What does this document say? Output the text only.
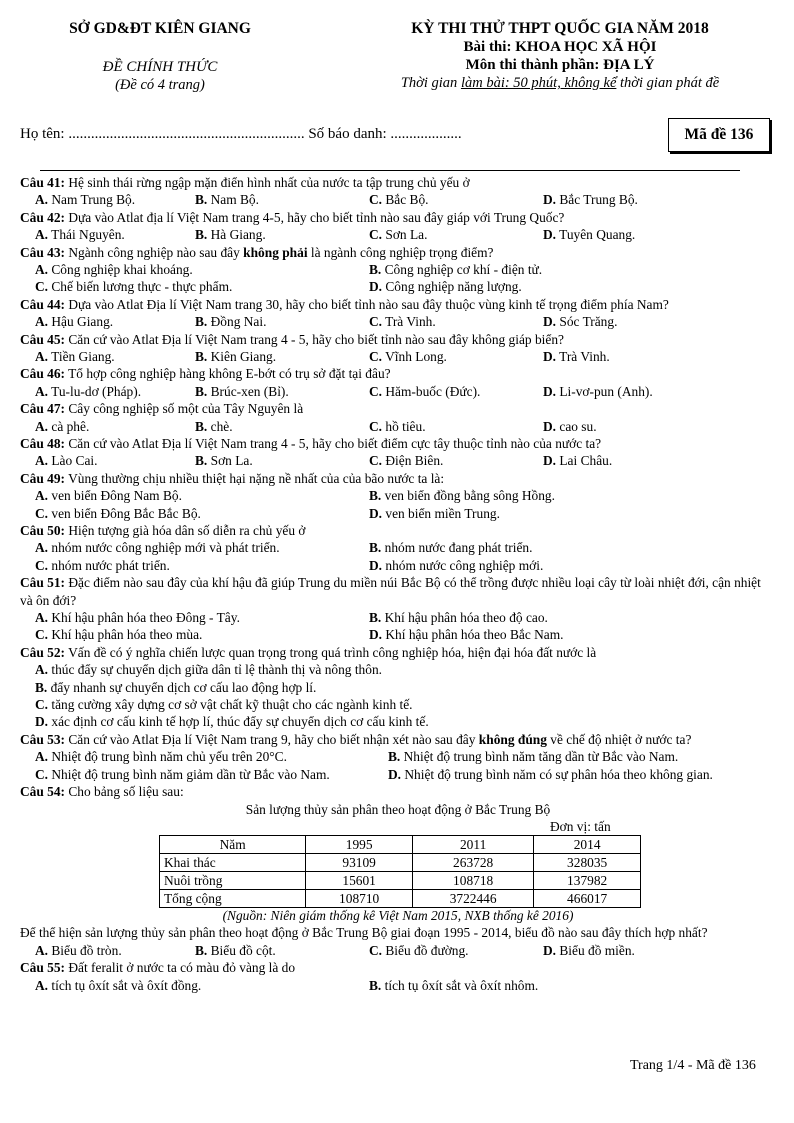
SỞ GD&ĐT KIÊN GIANG
ĐỀ CHÍNH THỨC
(Đề có 4 trang)
KỲ THI THỬ THPT QUỐC GIA NĂM 2018
Bài thi: KHOA HỌC XÃ HỘI
Môn thi thành phần: ĐỊA LÝ
Thời gian làm bài: 50 phút, không kể thời gian phát đề
Họ tên: ............................................................... Số báo danh: ...................	Mã đề 136
Câu 41: Hệ sinh thái rừng ngập mặn điển hình nhất của nước ta tập trung chủ yếu ở
A. Nam Trung Bộ.	B. Nam Bộ.	C. Bắc Bộ.	D. Bắc Trung Bộ.
Câu 42: Dựa vào Atlat địa lí Việt Nam trang 4-5, hãy cho biết tỉnh nào sau đây giáp với Trung Quốc?
A. Thái Nguyên.	B. Hà Giang.	C. Sơn La.	D. Tuyên Quang.
Câu 43: Ngành công nghiệp nào sau đây không phải là ngành công nghiệp trọng điểm?
A. Công nghiệp khai khoáng.	B. Công nghiệp cơ khí - điện tử.
C. Chế biến lương thực - thực phẩm.	D. Công nghiệp năng lượng.
Câu 44: Dựa vào Atlat Địa lí Việt Nam trang 30, hãy cho biết tỉnh nào sau đây thuộc vùng kinh tế trọng điểm phía Nam?
A. Hậu Giang.	B. Đồng Nai.	C. Trà Vinh.	D. Sóc Trăng.
Câu 45: Căn cứ vào Atlat Địa lí Việt Nam trang 4 - 5, hãy cho biết tỉnh nào sau đây không giáp biển?
A. Tiền Giang.	B. Kiên Giang.	C. Vĩnh Long.	D. Trà Vinh.
Câu 46: Tổ hợp công nghiệp hàng không E-bớt có trụ sở đặt tại đâu?
A. Tu-lu-dơ (Pháp).	B. Brúc-xen (Bỉ).	C. Hăm-buốc (Đức).	D. Li-vơ-pun (Anh).
Câu 47: Cây công nghiệp số một của Tây Nguyên là
A. cà phê.	B. chè.	C. hồ tiêu.	D. cao su.
Câu 48: Căn cứ vào Atlat Địa lí Việt Nam trang 4 - 5, hãy cho biết điểm cực tây thuộc tỉnh nào của nước ta?
A. Lào Cai.	B. Sơn La.	C. Điện Biên.	D. Lai Châu.
Câu 49: Vùng thường chịu nhiều thiệt hại nặng nề nhất của của bão nước ta là:
A. ven biển Đông Nam Bộ.	B. ven biển đồng bằng sông Hồng.
C. ven biển Đông Bắc Bắc Bộ.	D. ven biển miền Trung.
Câu 50: Hiện tượng già hóa dân số diễn ra chủ yếu ở
A. nhóm nước công nghiệp mới và phát triển.	B. nhóm nước đang phát triển.
C. nhóm nước phát triển.	D. nhóm nước công nghiệp mới.
Câu 51: Đặc điểm nào sau đây của khí hậu đã giúp Trung du miền núi Bắc Bộ có thể trồng được nhiều loại cây từ loài nhiệt đới, cận nhiệt và ôn đới?
A. Khí hậu phân hóa theo Đông - Tây.	B. Khí hậu phân hóa theo độ cao.
C. Khí hậu phân hóa theo mùa.	D. Khí hậu phân hóa theo Bắc Nam.
Câu 52: Vấn đề có ý nghĩa chiến lược quan trọng trong quá trình công nghiệp hóa, hiện đại hóa đất nước là
A. thúc đẩy sự chuyển dịch giữa dân tỉ lệ thành thị và nông thôn.
B. đẩy nhanh sự chuyển dịch cơ cấu lao động hợp lí.
C. tăng cường xây dựng cơ sở vật chất kỹ thuật cho các ngành kinh tế.
D. xác định cơ cấu kinh tế hợp lí, thúc đẩy sự chuyển dịch cơ cấu kinh tế.
Câu 53: Căn cứ vào Atlat Địa lí Việt Nam trang 9, hãy cho biết nhận xét nào sau đây không đúng về chế độ nhiệt ở nước ta?
A. Nhiệt độ trung bình năm chủ yếu trên 20°C.	B. Nhiệt độ trung bình năm tăng dần từ Bắc vào Nam.
C. Nhiệt độ trung bình năm giảm dần từ Bắc vào Nam.	D. Nhiệt độ trung bình năm có sự phân hóa theo không gian.
Câu 54: Cho bảng số liệu sau:
Sản lượng thủy sản phân theo hoạt động ở Bắc Trung Bộ
Đơn vị: tấn
Năm	1995	2011	2014
Khai thác	93109	263728	328035
Nuôi trồng	15601	108718	137982
Tổng cộng	108710	3722446	466017
(Nguồn: Niên giám thống kê Việt Nam 2015, NXB thống kê 2016)
Để thể hiện sản lượng thủy sản phân theo hoạt động ở Bắc Trung Bộ giai đoạn 1995 - 2014, biểu đồ nào sau đây thích hợp nhất?
A. Biểu đồ tròn.	B. Biểu đồ cột.	C. Biểu đồ đường.	D. Biểu đồ miền.
Câu 55: Đất feralit ở nước ta có màu đỏ vàng là do
A. tích tụ ôxít sắt và ôxít đồng.	B. tích tụ ôxít sắt và ôxít nhôm.
Trang 1/4 - Mã đề 136
